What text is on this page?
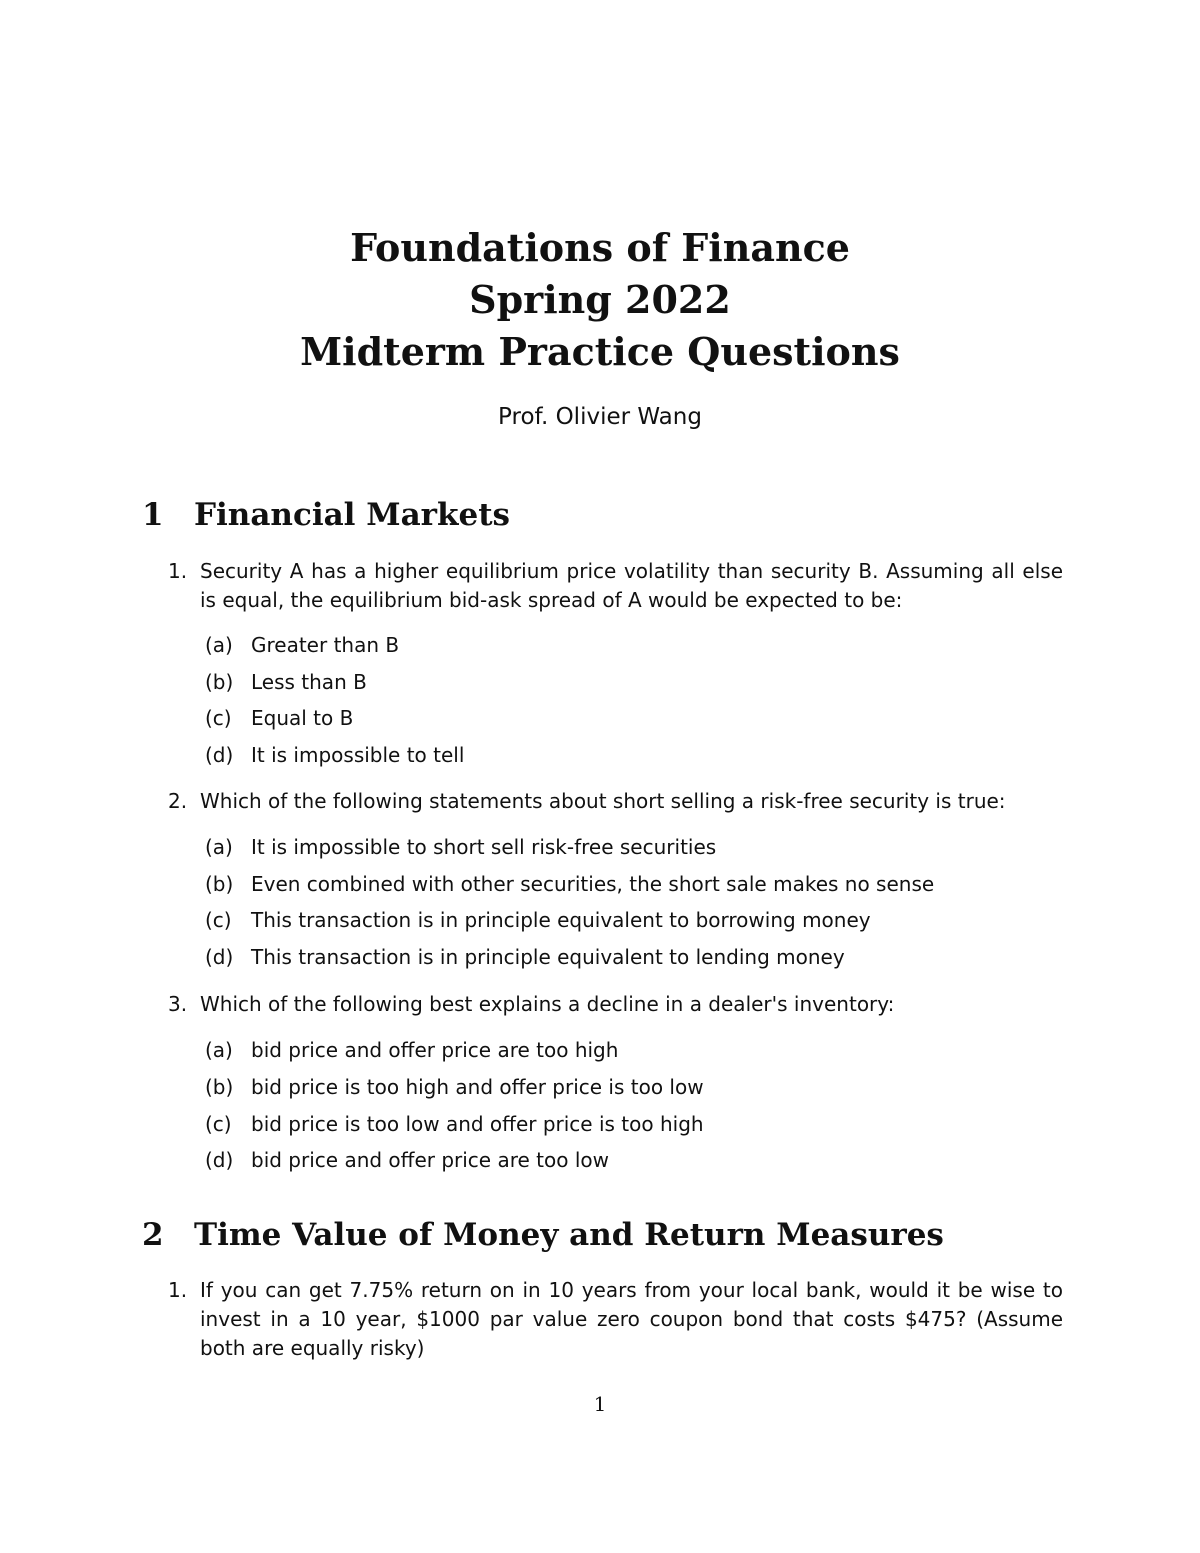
Foundations of Finance
Spring 2022
Midterm Practice Questions
Prof. Olivier Wang
1 Financial Markets
1. Security A has a higher equilibrium price volatility than security B. Assuming all else is equal, the equilibrium bid-ask spread of A would be expected to be:
(a) Greater than B
(b) Less than B
(c) Equal to B
(d) It is impossible to tell
2. Which of the following statements about short selling a risk-free security is true:
(a) It is impossible to short sell risk-free securities
(b) Even combined with other securities, the short sale makes no sense
(c) This transaction is in principle equivalent to borrowing money
(d) This transaction is in principle equivalent to lending money
3. Which of the following best explains a decline in a dealer's inventory:
(a) bid price and offer price are too high
(b) bid price is too high and offer price is too low
(c) bid price is too low and offer price is too high
(d) bid price and offer price are too low
2 Time Value of Money and Return Measures
1. If you can get 7.75% return on in 10 years from your local bank, would it be wise to invest in a 10 year, $1000 par value zero coupon bond that costs $475? (Assume both are equally risky)
1
